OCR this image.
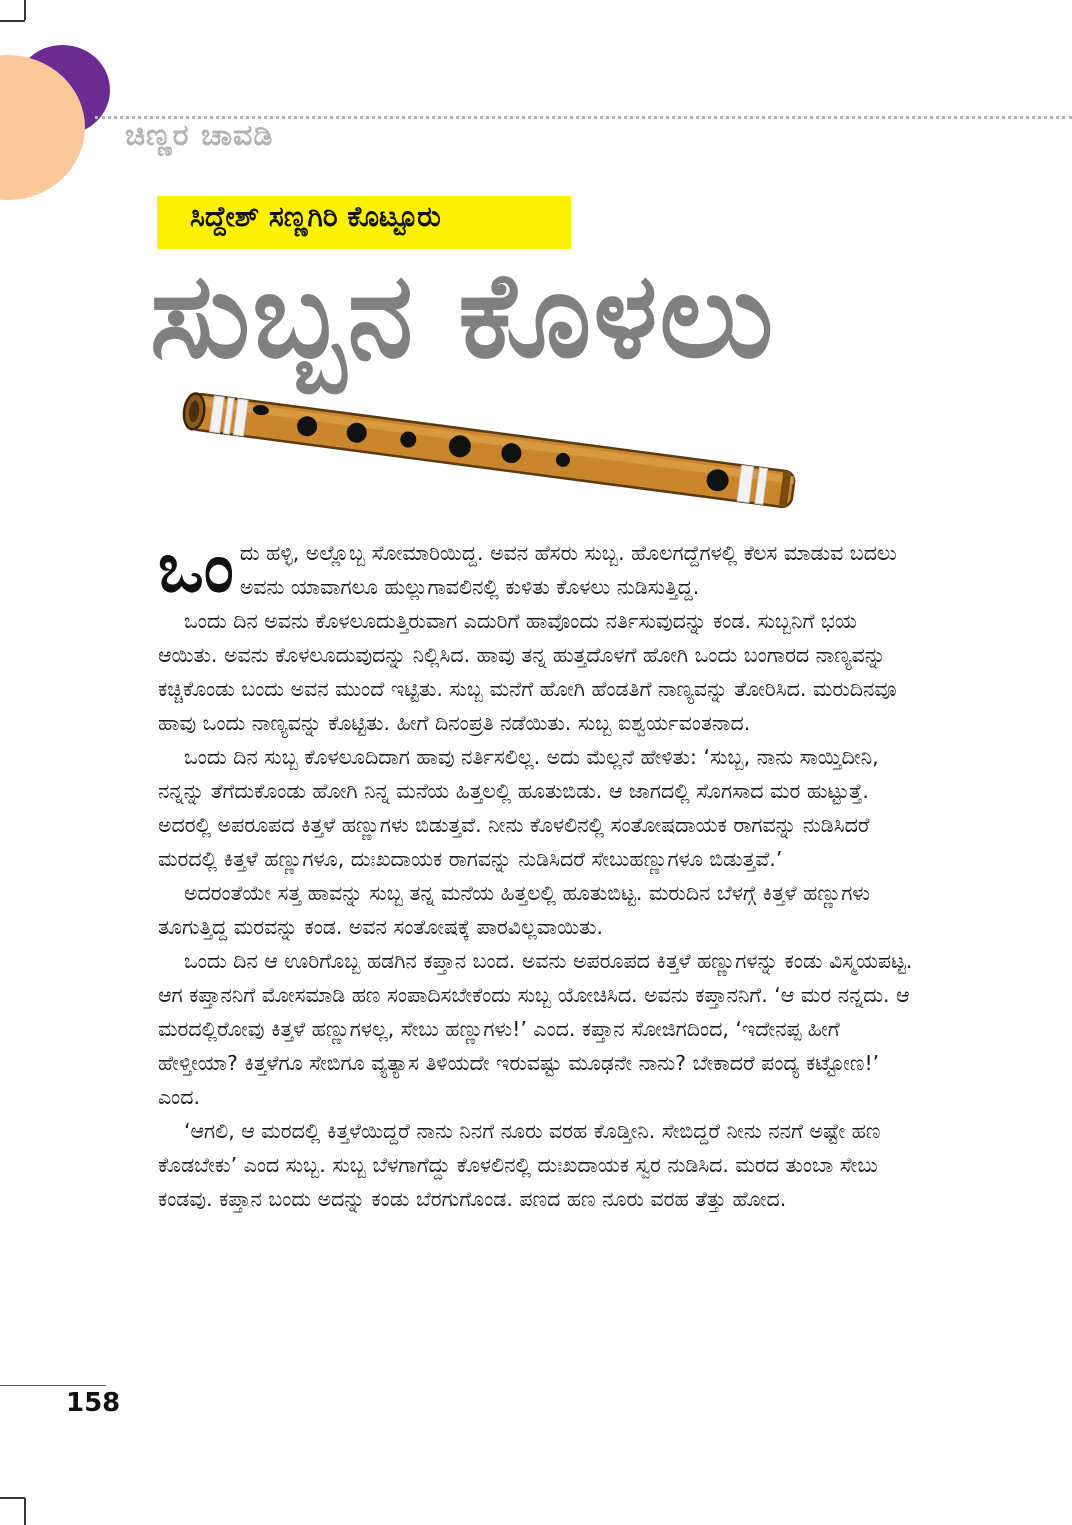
ಚಿಣ್ಣರ ಚಾವಡಿ
ಸಿದ್ದೇಶ್ ಸಣ್ಣಗಿರಿ ಕೊಟ್ಟೂರು
ಸುಬ್ಬನ ಕೊಳಲು

ಒಂದು ಹಳ್ಳಿ, ಅಲ್ಲೊಬ್ಬ ಸೋಮಾರಿಯಿದ್ದ. ಅವನ ಹೆಸರು ಸುಬ್ಬ. ಹೊಲಗದ್ದೆಗಳಲ್ಲಿ ಕೆಲಸ ಮಾಡುವ ಬದಲು ಅವನು ಯಾವಾಗಲೂ ಹುಲ್ಲುಗಾವಲಿನಲ್ಲಿ ಕುಳಿತು ಕೊಳಲು ನುಡಿಸುತ್ತಿದ್ದ.

ಒಂದು ದಿನ ಅವನು ಕೊಳಲೂದುತ್ತಿರುವಾಗ ಎದುರಿಗೆ ಹಾವೊಂದು ನರ್ತಿಸುವುದನ್ನು ಕಂಡ. ಸುಬ್ಬನಿಗೆ ಭಯ ಆಯಿತು. ಅವನು ಕೊಳಲೂದುವುದನ್ನು ನಿಲ್ಲಿಸಿದ. ಹಾವು ತನ್ನ ಹುತ್ತದೊಳಗೆ ಹೋಗಿ ಒಂದು ಬಂಗಾರದ ನಾಣ್ಯವನ್ನು ಕಚ್ಚಿಕೊಂಡು ಬಂದು ಅವನ ಮುಂದೆ ಇಟ್ಟಿತು. ಸುಬ್ಬ ಮನೆಗೆ ಹೋಗಿ ಹೆಂಡತಿಗೆ ನಾಣ್ಯವನ್ನು ತೋರಿಸಿದ. ಮರುದಿನವೂ ಹಾವು ಒಂದು ನಾಣ್ಯವನ್ನು ಕೊಟ್ಟಿತು. ಹೀಗೆ ದಿನಂಪ್ರತಿ ನಡೆಯಿತು. ಸುಬ್ಬ ಐಶ್ವರ್ಯವಂತನಾದ.

ಒಂದು ದಿನ ಸುಬ್ಬ ಕೊಳಲೂದಿದಾಗ ಹಾವು ನರ್ತಿಸಲಿಲ್ಲ. ಅದು ಮೆಲ್ಲನೆ ಹೇಳಿತು: ‘ಸುಬ್ಬ, ನಾನು ಸಾಯ್ತಿದೀನಿ, ನನ್ನನ್ನು ತೆಗೆದುಕೊಂಡು ಹೋಗಿ ನಿನ್ನ ಮನೆಯ ಹಿತ್ತಲಲ್ಲಿ ಹೂತುಬಿಡು. ಆ ಜಾಗದಲ್ಲಿ ಸೊಗಸಾದ ಮರ ಹುಟ್ಟುತ್ತೆ. ಅದರಲ್ಲಿ ಅಪರೂಪದ ಕಿತ್ತಳೆ ಹಣ್ಣುಗಳು ಬಿಡುತ್ತವೆ. ನೀನು ಕೊಳಲಿನಲ್ಲಿ ಸಂತೋಷದಾಯಕ ರಾಗವನ್ನು ನುಡಿಸಿದರೆ ಮರದಲ್ಲಿ ಕಿತ್ತಳೆ ಹಣ್ಣುಗಳೂ, ದುಃಖದಾಯಕ ರಾಗವನ್ನು ನುಡಿಸಿದರೆ ಸೇಬುಹಣ್ಣುಗಳೂ ಬಿಡುತ್ತವೆ.’

ಅದರಂತೆಯೇ ಸತ್ತ ಹಾವನ್ನು ಸುಬ್ಬ ತನ್ನ ಮನೆಯ ಹಿತ್ತಲಲ್ಲಿ ಹೂತುಬಿಟ್ಟ. ಮರುದಿನ ಬೆಳಗ್ಗೆ ಕಿತ್ತಳೆ ಹಣ್ಣುಗಳು ತೂಗುತ್ತಿದ್ದ ಮರವನ್ನು ಕಂಡ. ಅವನ ಸಂತೋಷಕ್ಕೆ ಪಾರವಿಲ್ಲವಾಯಿತು.

ಒಂದು ದಿನ ಆ ಊರಿಗೊಬ್ಬ ಹಡಗಿನ ಕಪ್ತಾನ ಬಂದ. ಅವನು ಅಪರೂಪದ ಕಿತ್ತಳೆ ಹಣ್ಣುಗಳನ್ನು ಕಂಡು ವಿಸ್ಮಯಪಟ್ಟ. ಆಗ ಕಪ್ತಾನನಿಗೆ ಮೋಸಮಾಡಿ ಹಣ ಸಂಪಾದಿಸಬೇಕೆಂದು ಸುಬ್ಬ ಯೋಚಿಸಿದ. ಅವನು ಕಪ್ತಾನನಿಗೆ. ‘ಆ ಮರ ನನ್ನದು. ಆ ಮರದಲ್ಲಿರೋವು ಕಿತ್ತಳೆ ಹಣ್ಣುಗಳಲ್ಲ, ಸೇಬು ಹಣ್ಣುಗಳು!’ ಎಂದ. ಕಪ್ತಾನ ಸೋಜಿಗದಿಂದ, ‘ಇದೇನಪ್ಪ ಹೀಗೆ ಹೇಳ್ತೀಯಾ? ಕಿತ್ತಳೆಗೂ ಸೇಬಿಗೂ ವ್ಯತ್ಯಾಸ ತಿಳಿಯದೇ ಇರುವಷ್ಟು ಮೂಢನೇ ನಾನು? ಬೇಕಾದರೆ ಪಂದ್ಯ ಕಟ್ಟೋಣ!’ ಎಂದ.

‘ಆಗಲಿ, ಆ ಮರದಲ್ಲಿ ಕಿತ್ತಳೆಯಿದ್ದರೆ ನಾನು ನಿನಗೆ ನೂರು ವರಹ ಕೊಡ್ತೀನಿ. ಸೇಬಿದ್ದರೆ ನೀನು ನನಗೆ ಅಷ್ಟೇ ಹಣ ಕೊಡಬೇಕು’ ಎಂದ ಸುಬ್ಬ. ಸುಬ್ಬ ಬೆಳಗಾಗೆದ್ದು ಕೊಳಲಿನಲ್ಲಿ ದುಃಖದಾಯಕ ಸ್ವರ ನುಡಿಸಿದ. ಮರದ ತುಂಬಾ ಸೇಬು ಕಂಡವು. ಕಪ್ತಾನ ಬಂದು ಅದನ್ನು ಕಂಡು ಬೆರಗುಗೊಂಡ. ಪಣದ ಹಣ ನೂರು ವರಹ ತೆತ್ತು ಹೋದ.

158
